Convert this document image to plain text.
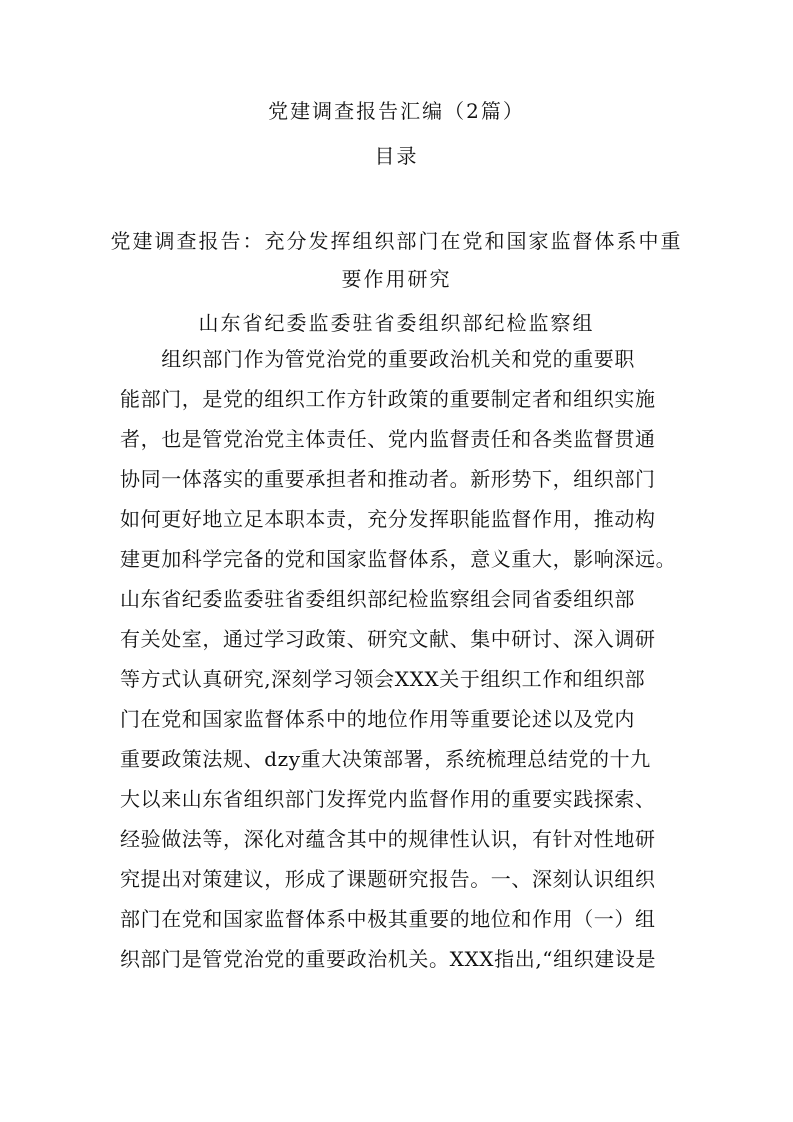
党建调查报告汇编（2篇）
目录
党建调查报告：充分发挥组织部门在党和国家监督体系中重
要作用研究
山东省纪委监委驻省委组织部纪检监察组
　　组织部门作为管党治党的重要政治机关和党的重要职
能部门，是党的组织工作方针政策的重要制定者和组织实施
者，也是管党治党主体责任、党内监督责任和各类监督贯通
协同一体落实的重要承担者和推动者。新形势下，组织部门
如何更好地立足本职本责，充分发挥职能监督作用，推动构
建更加科学完备的党和国家监督体系，意义重大，影响深远。
山东省纪委监委驻省委组织部纪检监察组会同省委组织部
有关处室，通过学习政策、研究文献、集中研讨、深入调研
等方式认真研究,深刻学习领会XXX关于组织工作和组织部
门在党和国家监督体系中的地位作用等重要论述以及党内
重要政策法规、dzy重大决策部署，系统梳理总结党的十九
大以来山东省组织部门发挥党内监督作用的重要实践探索、
经验做法等，深化对蕴含其中的规律性认识，有针对性地研
究提出对策建议，形成了课题研究报告。一、深刻认识组织
部门在党和国家监督体系中极其重要的地位和作用（一）组
织部门是管党治党的重要政治机关。XXX指出,“组织建设是
